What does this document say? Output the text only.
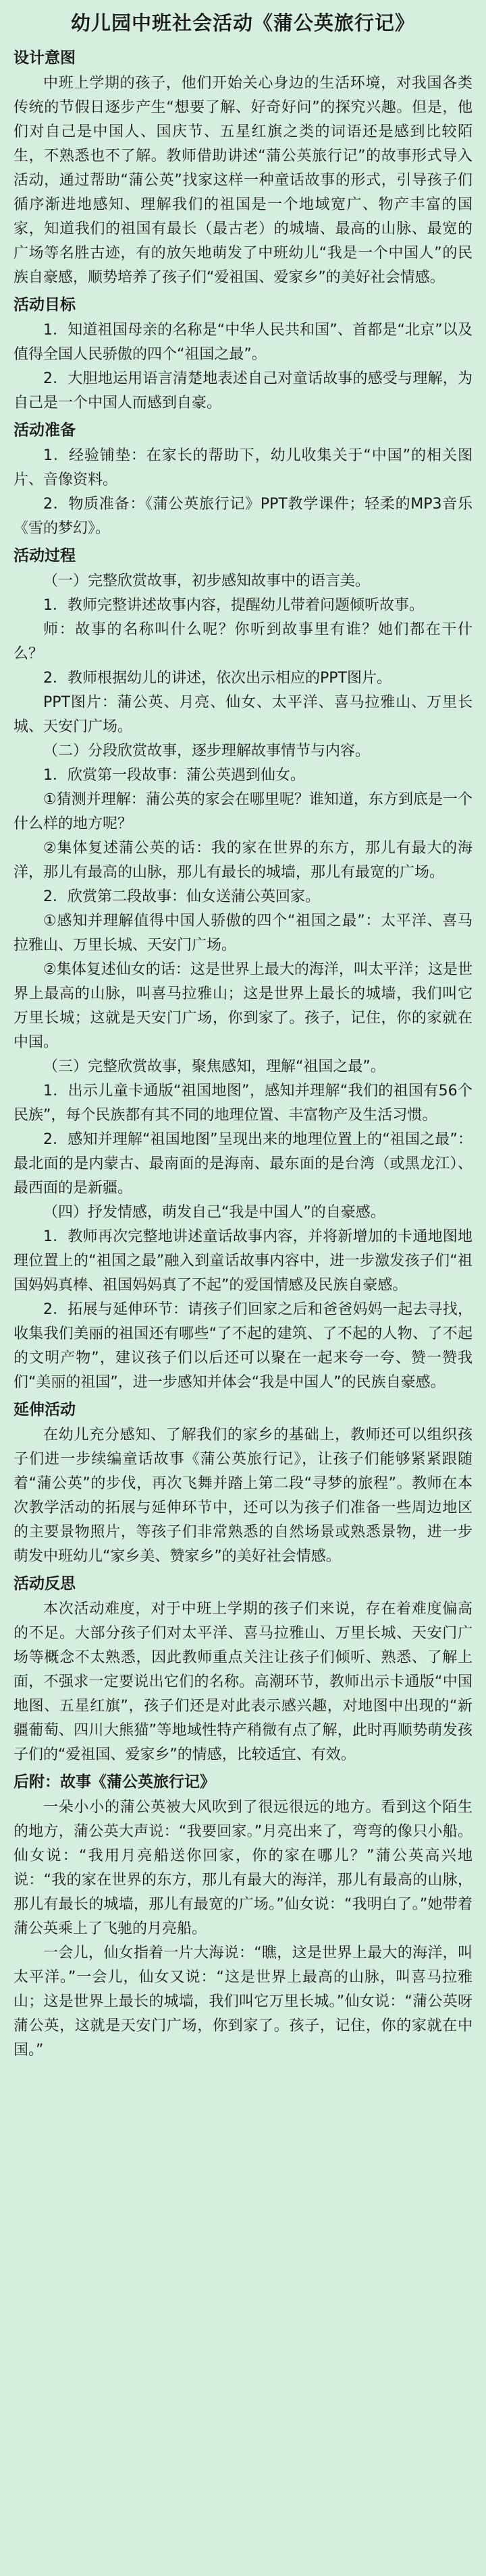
幼儿园中班社会活动《蒲公英旅行记》
设计意图

中班上学期的孩子，他们开始关心身边的生活环境，对我国各类传统的节假日逐步产生“想要了解、好奇好问”的探究兴趣。但是，他们对自己是中国人、国庆节、五星红旗之类的词语还是感到比较陌生，不熟悉也不了解。教师借助讲述“蒲公英旅行记”的故事形式导入活动，通过帮助“蒲公英”找家这样一种童话故事的形式，引导孩子们循序渐进地感知、理解我们的祖国是一个地域宽广、物产丰富的国家，知道我们的祖国有最长（最古老）的城墙、最高的山脉、最宽的广场等名胜古迹，有的放矢地萌发了中班幼儿“我是一个中国人”的民族自豪感，顺势培养了孩子们“爱祖国、爱家乡”的美好社会情感。

活动目标

1．知道祖国母亲的名称是“中华人民共和国”、首都是“北京”以及值得全国人民骄傲的四个“祖国之最”。

2．大胆地运用语言清楚地表述自己对童话故事的感受与理解，为自己是一个中国人而感到自豪。

活动准备

1．经验铺垫：在家长的帮助下，幼儿收集关于“中国”的相关图片、音像资料。

2．物质准备：《蒲公英旅行记》PPT教学课件；轻柔的MP3音乐《雪的梦幻》。

活动过程

（一）完整欣赏故事，初步感知故事中的语言美。

1．教师完整讲述故事内容，提醒幼儿带着问题倾听故事。

师：故事的名称叫什么呢？你听到故事里有谁？她们都在干什么？

2．教师根据幼儿的讲述，依次出示相应的PPT图片。

PPT图片：蒲公英、月亮、仙女、太平洋、喜马拉雅山、万里长城、天安门广场。

（二）分段欣赏故事，逐步理解故事情节与内容。

1．欣赏第一段故事：蒲公英遇到仙女。

①猜测并理解：蒲公英的家会在哪里呢？谁知道，东方到底是一个什么样的地方呢？

②集体复述蒲公英的话：我的家在世界的东方，那儿有最大的海洋，那儿有最高的山脉，那儿有最长的城墙，那儿有最宽的广场。

2．欣赏第二段故事：仙女送蒲公英回家。

①感知并理解值得中国人骄傲的四个“祖国之最”：太平洋、喜马拉雅山、万里长城、天安门广场。

②集体复述仙女的话：这是世界上最大的海洋，叫太平洋；这是世界上最高的山脉，叫喜马拉雅山；这是世界上最长的城墙，我们叫它万里长城；这就是天安门广场，你到家了。孩子，记住，你的家就在中国。

（三）完整欣赏故事，聚焦感知，理解“祖国之最”。

1．出示儿童卡通版“祖国地图”，感知并理解“我们的祖国有56个民族”，每个民族都有其不同的地理位置、丰富物产及生活习惯。

2．感知并理解“祖国地图”呈现出来的地理位置上的“祖国之最”：最北面的是内蒙古、最南面的是海南、最东面的是台湾（或黑龙江）、最西面的是新疆。

（四）抒发情感，萌发自己“我是中国人”的自豪感。

1．教师再次完整地讲述童话故事内容，并将新增加的卡通地图地理位置上的“祖国之最”融入到童话故事内容中，进一步激发孩子们“祖国妈妈真棒、祖国妈妈真了不起”的爱国情感及民族自豪感。

2．拓展与延伸环节：请孩子们回家之后和爸爸妈妈一起去寻找，收集我们美丽的祖国还有哪些“了不起的建筑、了不起的人物、了不起的文明产物”，建议孩子们以后还可以聚在一起来夸一夸、赞一赞我们“美丽的祖国”，进一步感知并体会“我是中国人”的民族自豪感。

延伸活动

在幼儿充分感知、了解我们的家乡的基础上，教师还可以组织孩子们进一步续编童话故事《蒲公英旅行记》，让孩子们能够紧紧跟随着“蒲公英”的步伐，再次飞舞并踏上第二段“寻梦的旅程”。教师在本次教学活动的拓展与延伸环节中，还可以为孩子们准备一些周边地区的主要景物照片，等孩子们非常熟悉的自然场景或熟悉景物，进一步萌发中班幼儿“家乡美、赞家乡”的美好社会情感。

活动反思

本次活动难度，对于中班上学期的孩子们来说，存在着难度偏高的不足。大部分孩子们对太平洋、喜马拉雅山、万里长城、天安门广场等概念不太熟悉，因此教师重点关注让孩子们倾听、熟悉、了解上面，不强求一定要说出它们的名称。高潮环节，教师出示卡通版“中国地图、五星红旗”，孩子们还是对此表示感兴趣，对地图中出现的“新疆葡萄、四川大熊猫”等地域性特产稍微有点了解，此时再顺势萌发孩子们的“爱祖国、爱家乡”的情感，比较适宜、有效。

后附：故事《蒲公英旅行记》

一朵小小的蒲公英被大风吹到了很远很远的地方。看到这个陌生的地方，蒲公英大声说：“我要回家。”月亮出来了，弯弯的像只小船。仙女说：“我用月亮船送你回家，你的家在哪儿？”蒲公英高兴地说：“我的家在世界的东方，那儿有最大的海洋，那儿有最高的山脉，那儿有最长的城墙，那儿有最宽的广场。”仙女说：“我明白了。”她带着蒲公英乘上了飞驰的月亮船。

一会儿，仙女指着一片大海说：“瞧，这是世界上最大的海洋，叫太平洋。”一会儿，仙女又说：“这是世界上最高的山脉，叫喜马拉雅山；这是世界上最长的城墙，我们叫它万里长城。”仙女说：“蒲公英呀蒲公英，这就是天安门广场，你到家了。孩子，记住，你的家就在中国。”
